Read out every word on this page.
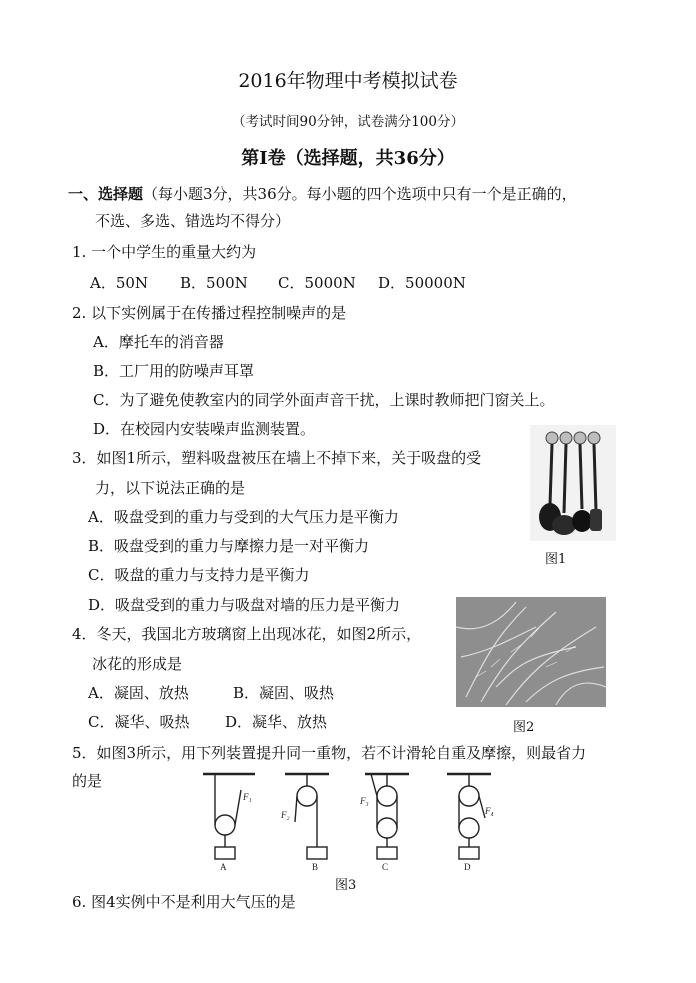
2016年物理中考模拟试卷
（考试时间90分钟，试卷满分100分）
第Ⅰ卷（选择题，共36分）
一、选择题（每小题3分，共36分。每小题的四个选项中只有一个是正确的，
不选、多选、错选均不得分）
1. 一个中学生的重量大约为
A．50N B．500N C．5000N D．50000N
2. 以下实例属于在传播过程控制噪声的是
A．摩托车的消音器
B．工厂用的防噪声耳罩
C．为了避免使教室内的同学外面声音干扰，上课时教师把门窗关上。
D．在校园内安装噪声监测装置。
3．如图1所示，塑料吸盘被压在墙上不掉下来，关于吸盘的受
力，以下说法正确的是
A．吸盘受到的重力与受到的大气压力是平衡力
B．吸盘受到的重力与摩擦力是一对平衡力
C．吸盘的重力与支持力是平衡力
D．吸盘受到的重力与吸盘对墙的压力是平衡力
图1
4．冬天，我国北方玻璃窗上出现冰花，如图2所示，
冰花的形成是
A．凝固、放热	B．凝固、吸热
C．凝华、吸热 D．凝华、放热	图2
5．如图3所示，用下列装置提升同一重物，若不计滑轮自重及摩擦，则最省力
的是
A	B	C	D
F₁
F₂
F₃
F₄
图3
6. 图4实例中不是利用大气压的是
